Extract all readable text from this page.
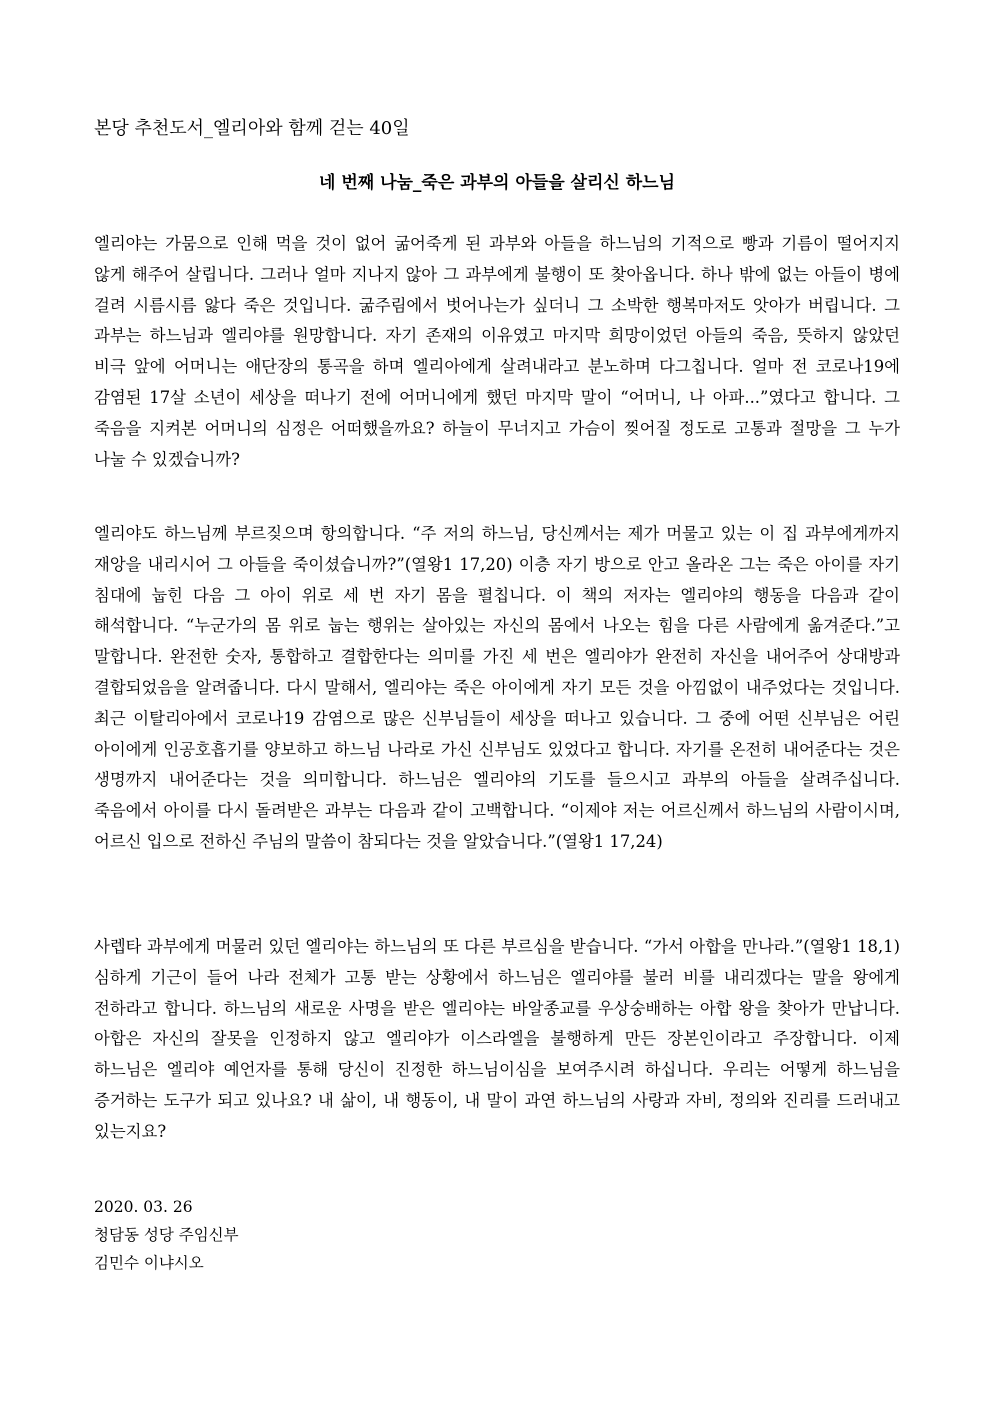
본당 추천도서_엘리아와 함께 걷는 40일
네 번째 나눔_죽은 과부의 아들을 살리신 하느님

엘리야는 가뭄으로 인해 먹을 것이 없어 굶어죽게 된 과부와 아들을 하느님의 기적으로 빵과 기름이 떨어지지 않게 해주어 살립니다. 그러나 얼마 지나지 않아 그 과부에게 불행이 또 찾아옵니다. 하나 밖에 없는 아들이 병에 걸려 시름시름 앓다 죽은 것입니다. 굶주림에서 벗어나는가 싶더니 그 소박한 행복마저도 앗아가 버립니다. 그 과부는 하느님과 엘리야를 원망합니다. 자기 존재의 이유였고 마지막 희망이었던 아들의 죽음, 뜻하지 않았던 비극 앞에 어머니는 애단장의 통곡을 하며 엘리아에게 살려내라고 분노하며 다그칩니다. 얼마 전 코로나19에 감염된 17살 소년이 세상을 떠나기 전에 어머니에게 했던 마지막 말이 “어머니, 나 아파...”였다고 합니다. 그 죽음을 지켜본 어머니의 심정은 어떠했을까요? 하늘이 무너지고 가슴이 찢어질 정도로 고통과 절망을 그 누가 나눌 수 있겠습니까?

엘리야도 하느님께 부르짖으며 항의합니다. “주 저의 하느님, 당신께서는 제가 머물고 있는 이 집 과부에게까지 재앙을 내리시어 그 아들을 죽이셨습니까?”(열왕1 17,20) 이층 자기 방으로 안고 올라온 그는 죽은 아이를 자기 침대에 눕힌 다음 그 아이 위로 세 번 자기 몸을 펼칩니다. 이 책의 저자는 엘리야의 행동을 다음과 같이 해석합니다. “누군가의 몸 위로 눕는 행위는 살아있는 자신의 몸에서 나오는 힘을 다른 사람에게 옮겨준다.”고 말합니다. 완전한 숫자, 통합하고 결합한다는 의미를 가진 세 번은 엘리야가 완전히 자신을 내어주어 상대방과 결합되었음을 알려줍니다. 다시 말해서, 엘리야는 죽은 아이에게 자기 모든 것을 아낌없이 내주었다는 것입니다. 최근 이탈리아에서 코로나19 감염으로 많은 신부님들이 세상을 떠나고 있습니다. 그 중에 어떤 신부님은 어린 아이에게 인공호흡기를 양보하고 하느님 나라로 가신 신부님도 있었다고 합니다. 자기를 온전히 내어준다는 것은 생명까지 내어준다는 것을 의미합니다. 하느님은 엘리야의 기도를 들으시고 과부의 아들을 살려주십니다. 죽음에서 아이를 다시 돌려받은 과부는 다음과 같이 고백합니다. “이제야 저는 어르신께서 하느님의 사람이시며, 어르신 입으로 전하신 주님의 말씀이 참되다는 것을 알았습니다.”(열왕1 17,24)

사렙타 과부에게 머물러 있던 엘리야는 하느님의 또 다른 부르심을 받습니다. “가서 아합을 만나라.”(열왕1 18,1) 심하게 기근이 들어 나라 전체가 고통 받는 상황에서 하느님은 엘리야를 불러 비를 내리겠다는 말을 왕에게 전하라고 합니다. 하느님의 새로운 사명을 받은 엘리야는 바알종교를 우상숭배하는 아합 왕을 찾아가 만납니다. 아합은 자신의 잘못을 인정하지 않고 엘리야가 이스라엘을 불행하게 만든 장본인이라고 주장합니다. 이제 하느님은 엘리야 예언자를 통해 당신이 진정한 하느님이심을 보여주시려 하십니다. 우리는 어떻게 하느님을 증거하는 도구가 되고 있나요? 내 삶이, 내 행동이, 내 말이 과연 하느님의 사랑과 자비, 정의와 진리를 드러내고 있는지요?

2020. 03. 26
청담동 성당 주임신부
김민수 이냐시오
